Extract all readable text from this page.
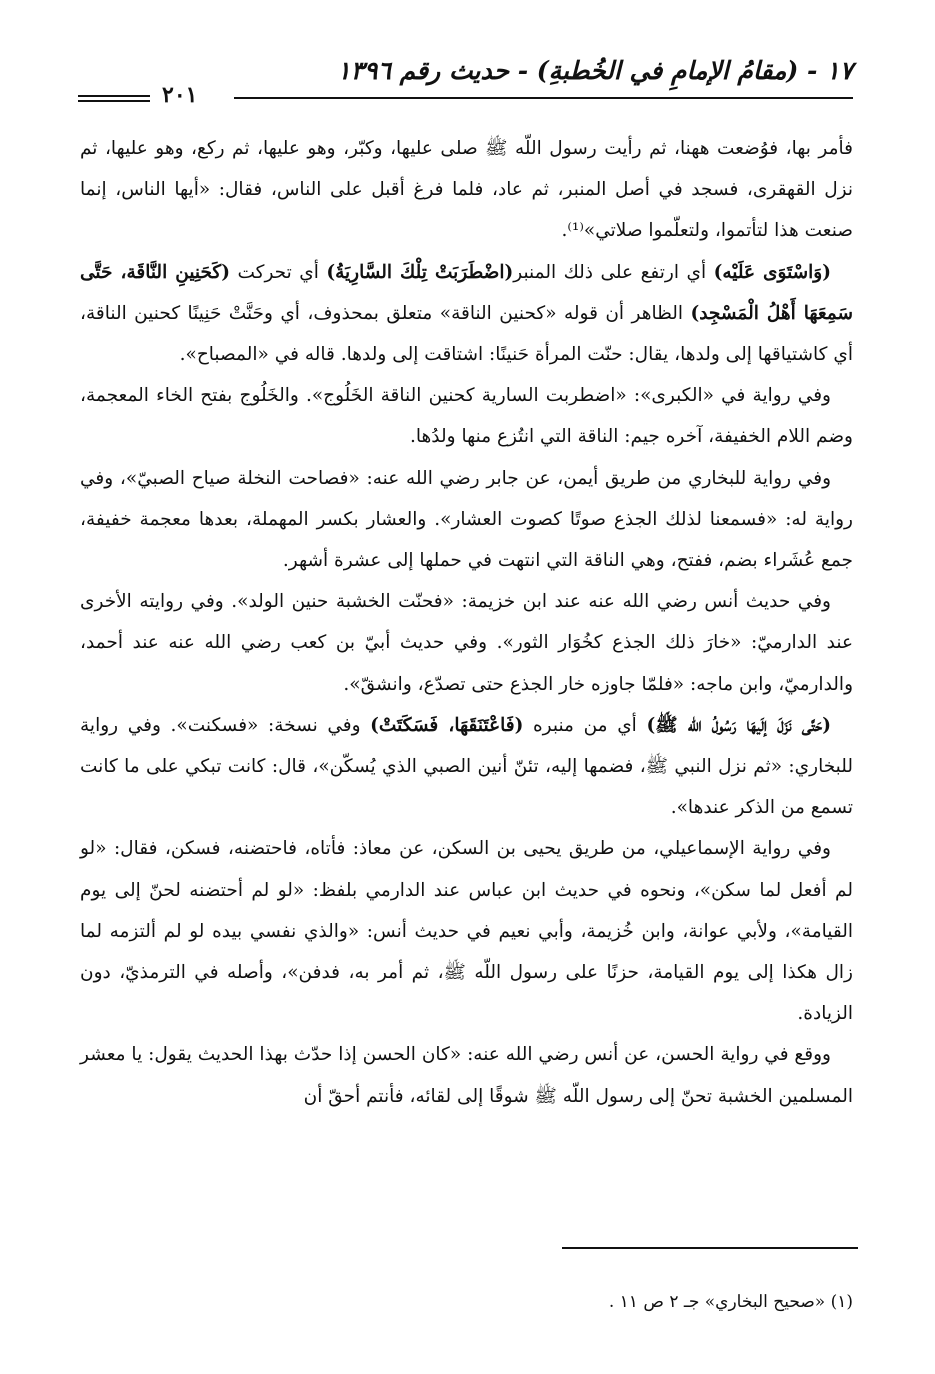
١٧ - (مقامُ الإمامِ في الخُطبةِ) - حديث رقم ١٣٩٦
٢٠١

فأمر بها، فوُضعت ههنا، ثم رأيت رسول اللّه ﷺ صلى عليها، وكبّر، وهو عليها، ثم ركع، وهو عليها، ثم نزل القهقرى، فسجد في أصل المنبر، ثم عاد، فلما فرغ أقبل على الناس، فقال: «أيها الناس، إنما صنعت هذا لتأتموا، ولتعلّموا صلاتي»⁽¹⁾.

(وَاسْتَوَى عَلَيْه) أي ارتفع على ذلك المنبر(اضْطَرَبَتْ تِلْكَ السَّارِيَةُ) أي تحركت (كَحَنِينِ النَّاقَة، حَتَّى سَمِعَهَا أَهْلُ الْمَسْجِد) الظاهر أن قوله «كحنين الناقة» متعلق بمحذوف، أي وحَنَّتْ حَنِينًا كحنين الناقة، أي كاشتياقها إلى ولدها، يقال: حنّت المرأة حَنينًا: اشتاقت إلى ولدها. قاله في «المصباح».

وفي رواية في «الكبرى»: «اضطربت السارية كحنين الناقة الخَلُوج». والخَلُوج بفتح الخاء المعجمة، وضم اللام الخفيفة، آخره جيم: الناقة التي انتُزع منها ولدُها.

وفي رواية للبخاري من طريق أيمن، عن جابر رضي الله عنه: «فصاحت النخلة صياح الصبيّ»، وفي رواية له: «فسمعنا لذلك الجذع صوتًا كصوت العشار». والعشار بكسر المهملة، بعدها معجمة خفيفة، جمع عُشَراء بضم، ففتح، وهي الناقة التي انتهت في حملها إلى عشرة أشهر.

وفي حديث أنس رضي الله عنه عند ابن خزيمة: «فحنّت الخشبة حنين الولد». وفي روايته الأخرى عند الدارميّ: «خارَ ذلك الجذع كخُوَار الثور». وفي حديث أبيّ بن كعب رضي الله عنه عند أحمد، والدارميّ، وابن ماجه: «فلمّا جاوزه خار الجذع حتى تصدّع، وانشقّ».

(حَتَّى نَزَلَ إلَيهَا رَسُولُ اللّه ﷺ) أي من منبره (فَاعْتَنَقَهَا، فَسَكَتَتْ) وفي نسخة: «فسكنت». وفي رواية للبخاري: «ثم نزل النبي ﷺ، فضمها إليه، تئنّ أنين الصبي الذي يُسكّن»، قال: كانت تبكي على ما كانت تسمع من الذكر عندها».

وفي رواية الإسماعيلي، من طريق يحيى بن السكن، عن معاذ: فأتاه، فاحتضنه، فسكن، فقال: «لو لم أفعل لما سكن»، ونحوه في حديث ابن عباس عند الدارمي بلفظ: «لو لم أحتضنه لحنّ إلى يوم القيامة»، ولأبي عوانة، وابن خُزيمة، وأبي نعيم في حديث أنس: «والذي نفسي بيده لو لم ألتزمه لما زال هكذا إلى يوم القيامة، حزنًا على رسول اللّه ﷺ، ثم أمر به، فدفن»، وأصله في الترمذيّ، دون الزيادة.

ووقع في رواية الحسن، عن أنس رضي الله عنه: «كان الحسن إذا حدّث بهذا الحديث يقول: يا معشر المسلمين الخشبة تحنّ إلى رسول اللّه ﷺ شوقًا إلى لقائه، فأنتم أحقّ أن

(١) «صحيح البخاري» جـ ٢ ص ١١ .
